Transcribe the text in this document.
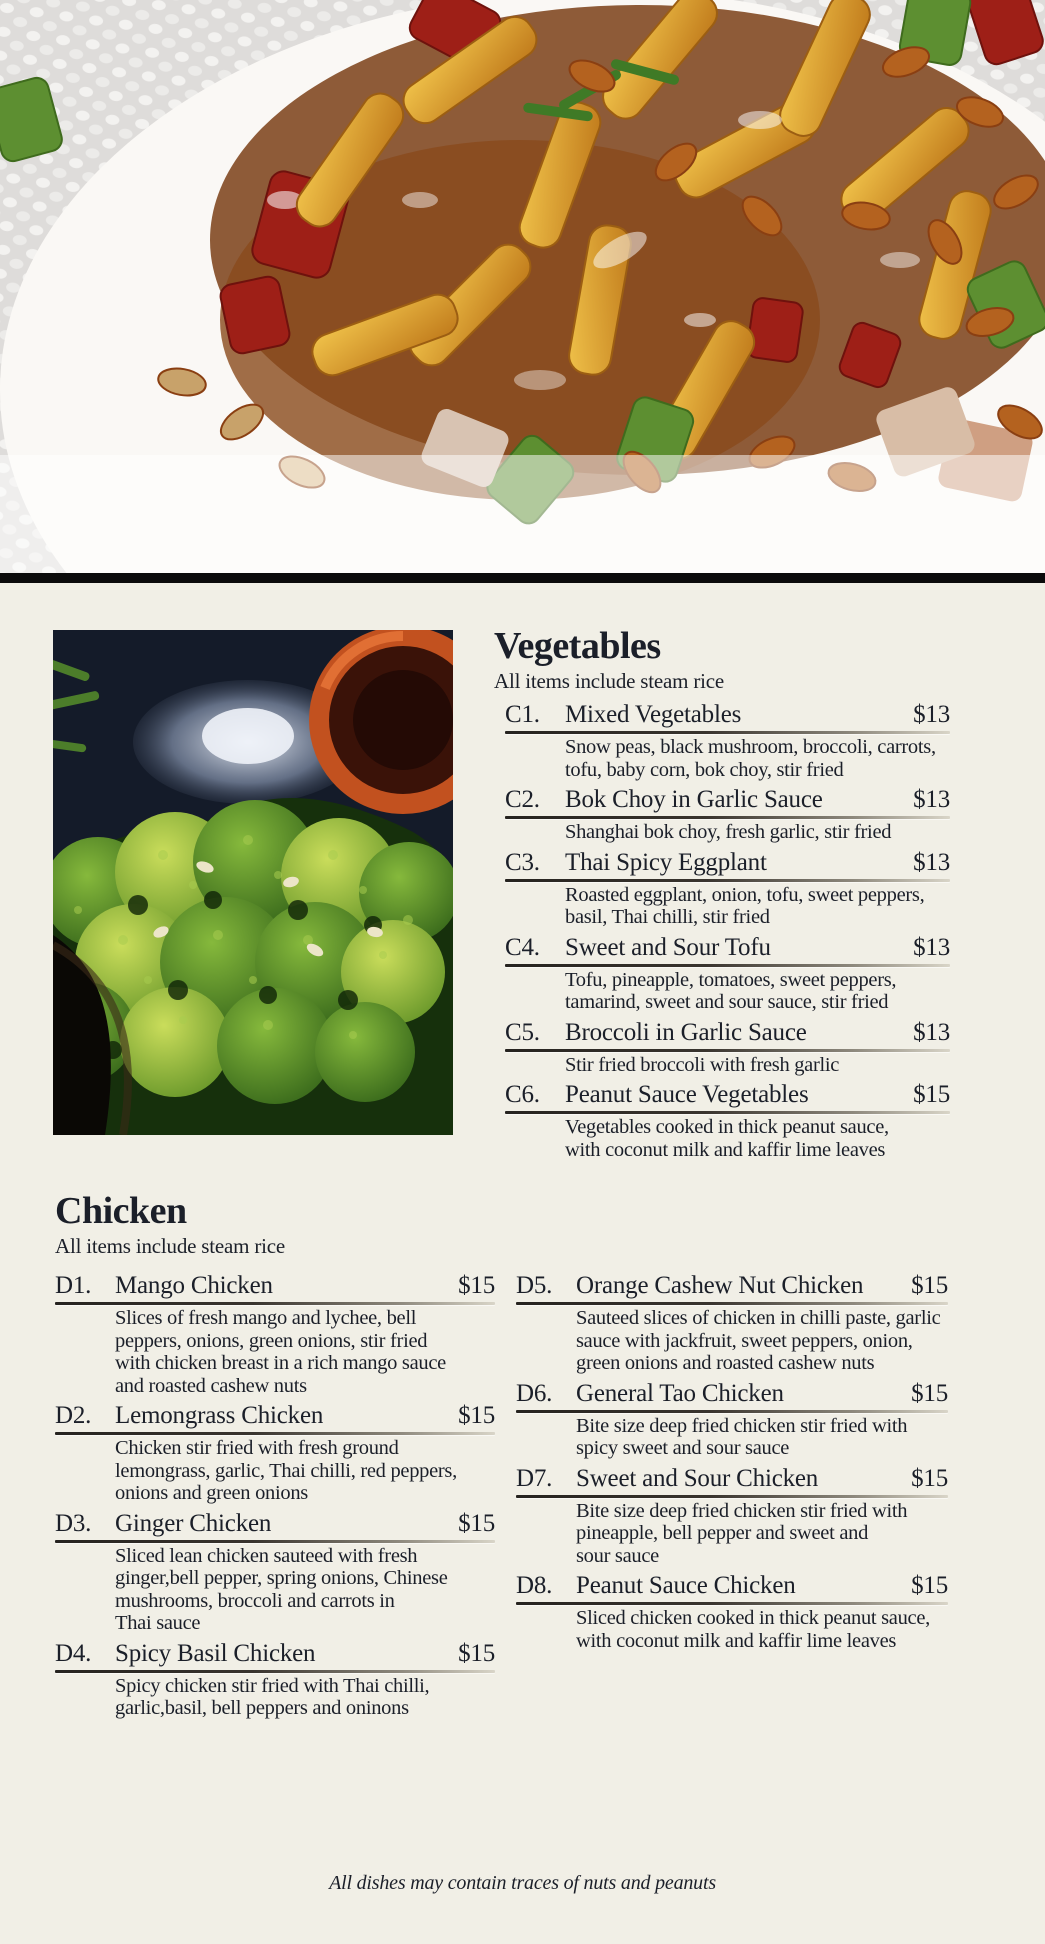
Vegetables
All items include steam rice
C1.	Mixed Vegetables	$13
Snow peas, black mushroom, broccoli, carrots,
tofu, baby corn, bok choy, stir fried
C2.	Bok Choy in Garlic Sauce	$13
Shanghai bok choy, fresh garlic, stir fried
C3.	Thai Spicy Eggplant	$13
Roasted eggplant, onion, tofu, sweet peppers,
basil, Thai chilli, stir fried
C4.	Sweet and Sour Tofu	$13
Tofu, pineapple, tomatoes, sweet peppers,
tamarind, sweet and sour sauce, stir fried
C5.	Broccoli in Garlic Sauce	$13
Stir fried broccoli with fresh garlic
C6.	Peanut Sauce Vegetables	$15
Vegetables cooked in thick peanut sauce,
with coconut milk and kaffir lime leaves
Chicken
All items include steam rice
D1. Mango Chicken	$15
Slices of fresh mango and lychee, bell
peppers, onions, green onions, stir fried
with chicken breast in a rich mango sauce
and roasted cashew nuts
D2. Lemongrass Chicken	$15
Chicken stir fried with fresh ground
lemongrass, garlic, Thai chilli, red peppers,
onions and green onions
D3. Ginger Chicken	$15
Sliced lean chicken sauteed with fresh
ginger,bell pepper, spring onions, Chinese
mushrooms, broccoli and carrots in
Thai sauce
D4. Spicy Basil Chicken	$15
Spicy chicken stir fried with Thai chilli,
garlic,basil, bell peppers and oninons
D5. Orange Cashew Nut Chicken	$15
Sauteed slices of chicken in chilli paste, garlic
sauce with jackfruit, sweet peppers, onion,
green onions and roasted cashew nuts
D6. General Tao Chicken	$15
Bite size deep fried chicken stir fried with
spicy sweet and sour sauce
D7. Sweet and Sour Chicken	$15
Bite size deep fried chicken stir fried with
pineapple, bell pepper and sweet and
sour sauce
D8. Peanut Sauce Chicken	$15
Sliced chicken cooked in thick peanut sauce,
with coconut milk and kaffir lime leaves
All dishes may contain traces of nuts and peanuts
